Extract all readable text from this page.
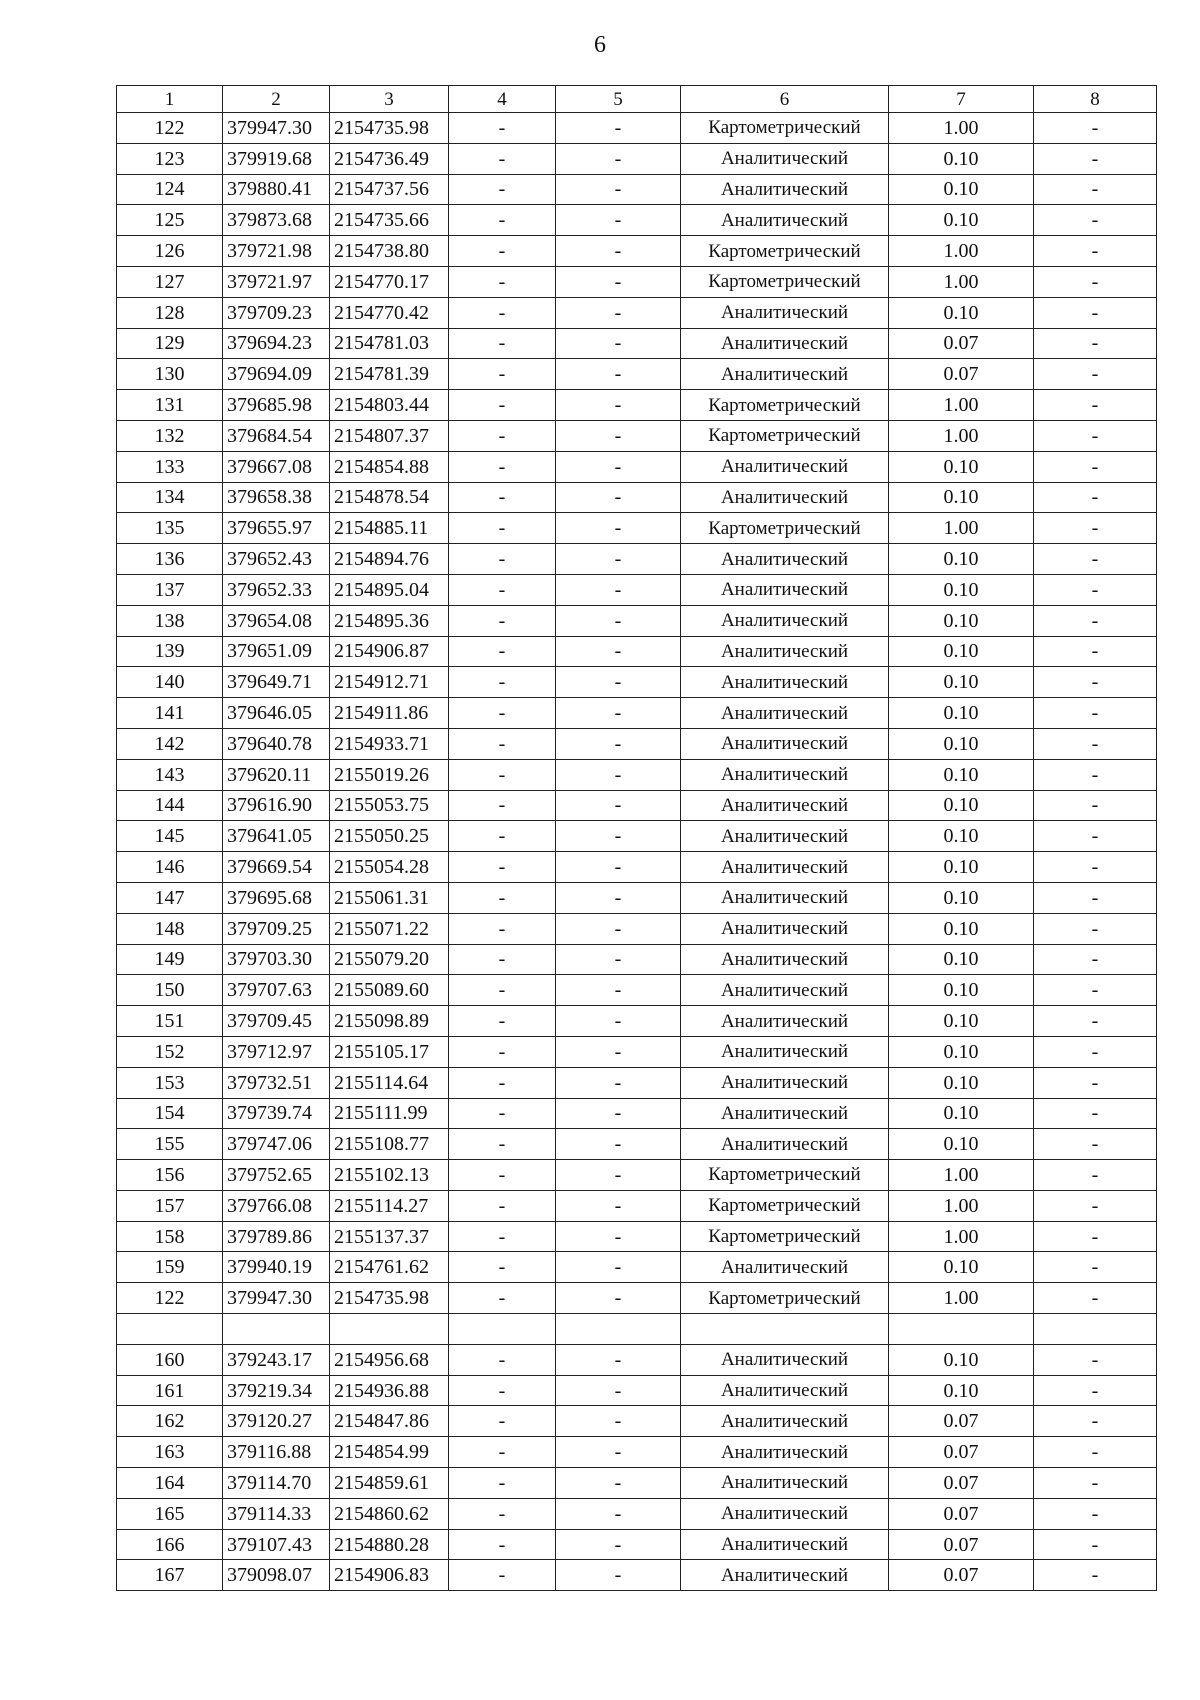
6
1	2	3	4	5	6	7	8
122	379947.30	2154735.98	-	-	Картометрический	1.00	-
123	379919.68	2154736.49	-	-	Аналитический	0.10	-
124	379880.41	2154737.56	-	-	Аналитический	0.10	-
125	379873.68	2154735.66	-	-	Аналитический	0.10	-
126	379721.98	2154738.80	-	-	Картометрический	1.00	-
127	379721.97	2154770.17	-	-	Картометрический	1.00	-
128	379709.23	2154770.42	-	-	Аналитический	0.10	-
129	379694.23	2154781.03	-	-	Аналитический	0.07	-
130	379694.09	2154781.39	-	-	Аналитический	0.07	-
131	379685.98	2154803.44	-	-	Картометрический	1.00	-
132	379684.54	2154807.37	-	-	Картометрический	1.00	-
133	379667.08	2154854.88	-	-	Аналитический	0.10	-
134	379658.38	2154878.54	-	-	Аналитический	0.10	-
135	379655.97	2154885.11	-	-	Картометрический	1.00	-
136	379652.43	2154894.76	-	-	Аналитический	0.10	-
137	379652.33	2154895.04	-	-	Аналитический	0.10	-
138	379654.08	2154895.36	-	-	Аналитический	0.10	-
139	379651.09	2154906.87	-	-	Аналитический	0.10	-
140	379649.71	2154912.71	-	-	Аналитический	0.10	-
141	379646.05	2154911.86	-	-	Аналитический	0.10	-
142	379640.78	2154933.71	-	-	Аналитический	0.10	-
143	379620.11	2155019.26	-	-	Аналитический	0.10	-
144	379616.90	2155053.75	-	-	Аналитический	0.10	-
145	379641.05	2155050.25	-	-	Аналитический	0.10	-
146	379669.54	2155054.28	-	-	Аналитический	0.10	-
147	379695.68	2155061.31	-	-	Аналитический	0.10	-
148	379709.25	2155071.22	-	-	Аналитический	0.10	-
149	379703.30	2155079.20	-	-	Аналитический	0.10	-
150	379707.63	2155089.60	-	-	Аналитический	0.10	-
151	379709.45	2155098.89	-	-	Аналитический	0.10	-
152	379712.97	2155105.17	-	-	Аналитический	0.10	-
153	379732.51	2155114.64	-	-	Аналитический	0.10	-
154	379739.74	2155111.99	-	-	Аналитический	0.10	-
155	379747.06	2155108.77	-	-	Аналитический	0.10	-
156	379752.65	2155102.13	-	-	Картометрический	1.00	-
157	379766.08	2155114.27	-	-	Картометрический	1.00	-
158	379789.86	2155137.37	-	-	Картометрический	1.00	-
159	379940.19	2154761.62	-	-	Аналитический	0.10	-
122	379947.30	2154735.98	-	-	Картометрический	1.00	-

160	379243.17	2154956.68	-	-	Аналитический	0.10	-
161	379219.34	2154936.88	-	-	Аналитический	0.10	-
162	379120.27	2154847.86	-	-	Аналитический	0.07	-
163	379116.88	2154854.99	-	-	Аналитический	0.07	-
164	379114.70	2154859.61	-	-	Аналитический	0.07	-
165	379114.33	2154860.62	-	-	Аналитический	0.07	-
166	379107.43	2154880.28	-	-	Аналитический	0.07	-
167	379098.07	2154906.83	-	-	Аналитический	0.07	-
